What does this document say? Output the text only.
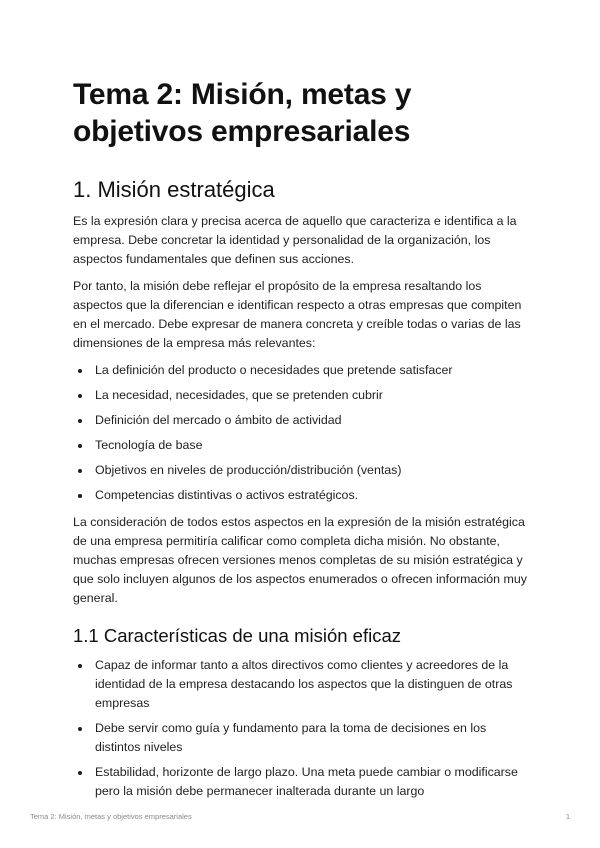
Tema 2: Misión, metas y objetivos empresariales
1. Misión estratégica

Es la expresión clara y precisa acerca de aquello que caracteriza e identifica a la empresa. Debe concretar la identidad y personalidad de la organización, los aspectos fundamentales que definen sus acciones.

Por tanto, la misión debe reflejar el propósito de la empresa resaltando los aspectos que la diferencian e identifican respecto a otras empresas que compiten en el mercado. Debe expresar de manera concreta y creíble todas o varias de las dimensiones de la empresa más relevantes:

La definición del producto o necesidades que pretende satisfacer
La necesidad, necesidades, que se pretenden cubrir
Definición del mercado o ámbito de actividad
Tecnología de base
Objetivos en niveles de producción/distribución (ventas)
Competencias distintivas o activos estratégicos.

La consideración de todos estos aspectos en la expresión de la misión estratégica de una empresa permitiría calificar como completa dicha misión. No obstante, muchas empresas ofrecen versiones menos completas de su misión estratégica y que solo incluyen algunos de los aspectos enumerados o ofrecen información muy general.

1.1 Características de una misión eficaz
Capaz de informar tanto a altos directivos como clientes y acreedores de la identidad de la empresa destacando los aspectos que la distinguen de otras empresas
Debe servir como guía y fundamento para la toma de decisiones en los distintos niveles
Estabilidad, horizonte de largo plazo. Una meta puede cambiar o modificarse pero la misión debe permanecer inalterada durante un largo
Tema 2: Misión, metas y objetivos empresariales	1
